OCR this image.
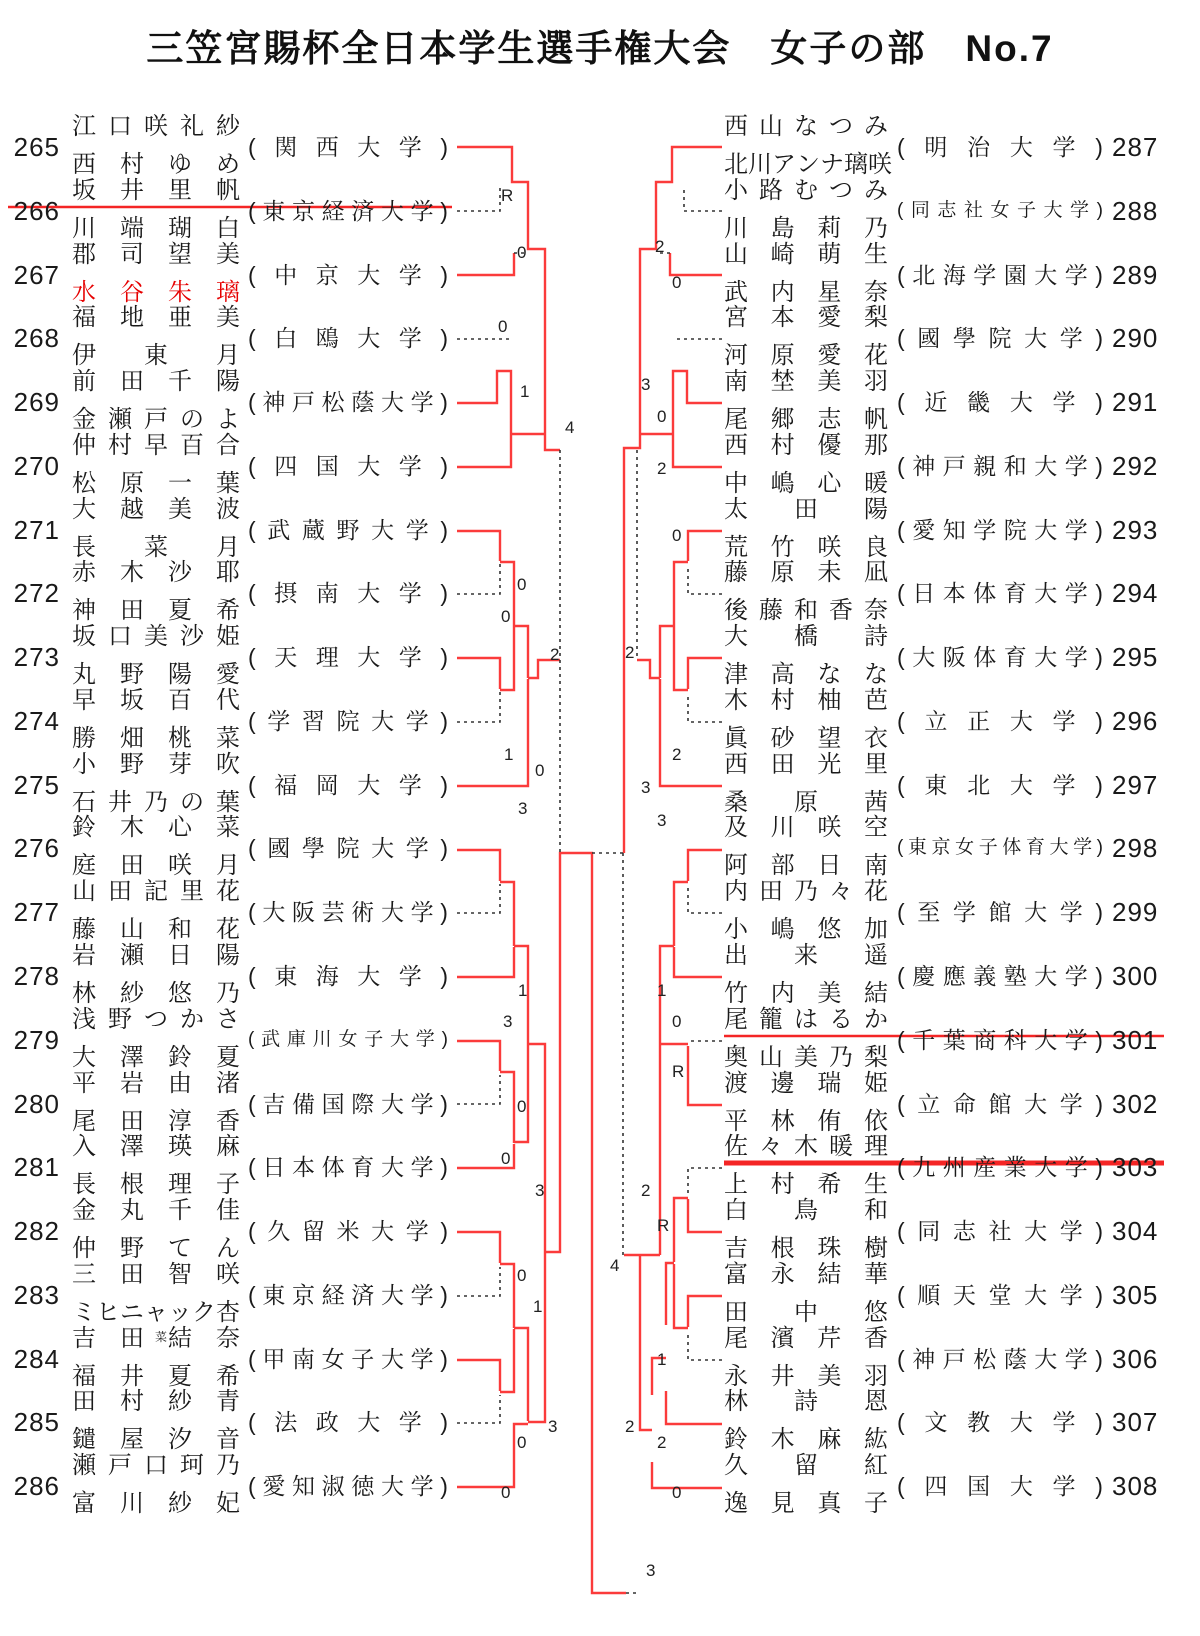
三笠宮賜杯全日本学生選手権大会　女子の部　No.7
R
0
0
1
4
0
0
2
1
0
3
1
3
0
0
3
0
1
3
0
0
4
3
2
0
3
0
2
0
2
2
3
3
1
0
R
2
R
1
2
2
0
265
江 口 咲 礼 紗
西 村 ゆ め
( 関 西 大 学 )
266
坂 井 里 帆
川 端 瑚 白
( 東 京 経 済 大 学 )
267
郡 司 望 美
水 谷 朱 璃
( 中 京 大 学 )
268
福 地 亜 美
伊 東 月
( 白 鴎 大 学 )
269
前 田 千 陽
金 瀬 戸 の よ
( 神 戸 松 蔭 大 学 )
270
仲 村 早 百 合
松 原 一 葉
( 四 国 大 学 )
271
大 越 美 波
長 菜 月
( 武 蔵 野 大 学 )
272
赤 木 沙 耶
神 田 夏 希
( 摂 南 大 学 )
273
坂 口 美 沙 姫
丸 野 陽 愛
( 天 理 大 学 )
274
早 坂 百 代
勝 畑 桃 菜
( 学 習 院 大 学 )
275
小 野 芽 吹
石 井 乃 の 葉
( 福 岡 大 学 )
276
鈴 木 心 菜
庭 田 咲 月
( 國 學 院 大 学 )
277
山 田 記 里 花
藤 山 和 花
( 大 阪 芸 術 大 学 )
278
岩 瀬 日 陽
林 紗 悠 乃
( 東 海 大 学 )
279
浅 野 つ か さ
大 澤 鈴 夏
( 武 庫 川 女 子 大 学 )
280
平 岩 由 渚
尾 田 淳 香
( 吉 備 国 際 大 学 )
281
入 澤 瑛 麻
長 根 理 子
( 日 本 体 育 大 学 )
282
金 丸 千 佳
仲 野 て ん
( 久 留 米 大 学 )
283
三 田 智 咲
ミ ヒ ニ ャ ッ ク 杏
菜
( 東 京 経 済 大 学 )
284
吉 田 結 奈
福 井 夏 希
( 甲 南 女 子 大 学 )
285
田 村 紗 青
鑓 屋 汐 音
( 法 政 大 学 )
286
瀬 戸 口 珂 乃
富 川 紗 妃
( 愛 知 淑 徳 大 学 )
287
西 山 な つ み
北 川 ア ン ナ 璃 咲
( 明 治 大 学 )
288
小 路 む つ み
川 島 莉 乃
( 同 志 社 女 子 大 学 )
289
山 崎 萌 生
武 内 星 奈
( 北 海 学 園 大 学 )
290
宮 本 愛 梨
河 原 愛 花
( 國 學 院 大 学 )
291
南 埜 美 羽
尾 郷 志 帆
( 近 畿 大 学 )
292
西 村 優 那
中 嶋 心 暖
( 神 戸 親 和 大 学 )
293
太 田 陽
荒 竹 咲 良
( 愛 知 学 院 大 学 )
294
藤 原 未 凪
後 藤 和 香 奈
( 日 本 体 育 大 学 )
295
大 橋 詩
津 高 な な
( 大 阪 体 育 大 学 )
296
木 村 柚 芭
眞 砂 望 衣
( 立 正 大 学 )
297
西 田 光 里
桑 原 茜
( 東 北 大 学 )
298
及 川 咲 空
阿 部 日 南
( 東 京 女 子 体 育 大 学 )
299
内 田 乃 々 花
小 嶋 悠 加
( 至 学 館 大 学 )
300
出 来 遥
竹 内 美 結
( 慶 應 義 塾 大 学 )
301
尾 籠 は る か
奥 山 美 乃 梨
( 千 葉 商 科 大 学 )
302
渡 邊 瑞 姫
平 林 侑 依
( 立 命 館 大 学 )
303
佐 々 木 暖 理
上 村 希 生
( 九 州 産 業 大 学 )
304
白 鳥 和
吉 根 珠 樹
( 同 志 社 大 学 )
305
富 永 結 華
田 中 悠
( 順 天 堂 大 学 )
306
尾 濱 芹 香
永 井 美 羽
( 神 戸 松 蔭 大 学 )
307
林 詩 恩
鈴 木 麻 紘
( 文 教 大 学 )
308
久 留 紅
逸 見 真 子
( 四 国 大 学 )
